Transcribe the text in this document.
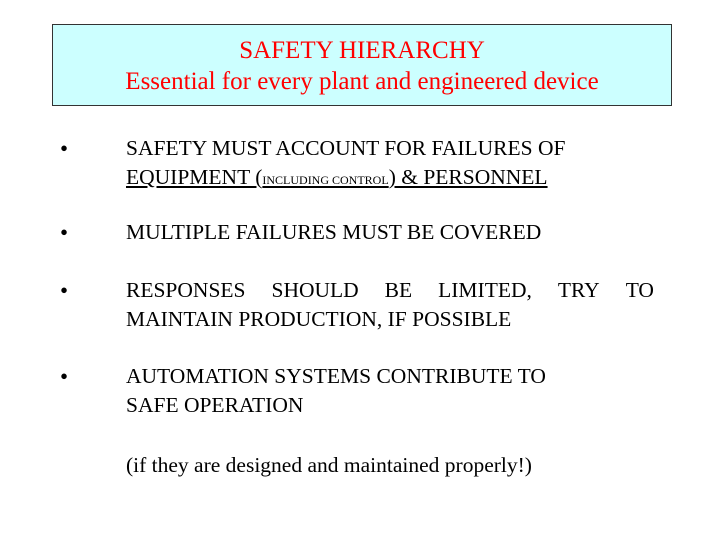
SAFETY HIERARCHY
Essential for every plant and engineered device
•	SAFETY MUST ACCOUNT FOR FAILURES OF
EQUIPMENT (INCLUDING CONTROL) & PERSONNEL
•	MULTIPLE FAILURES MUST BE COVERED
•	RESPONSES SHOULD BE LIMITED, TRY TO
MAINTAIN PRODUCTION, IF POSSIBLE
•	AUTOMATION SYSTEMS CONTRIBUTE TO
SAFE OPERATION
(if they are designed and maintained properly!)
